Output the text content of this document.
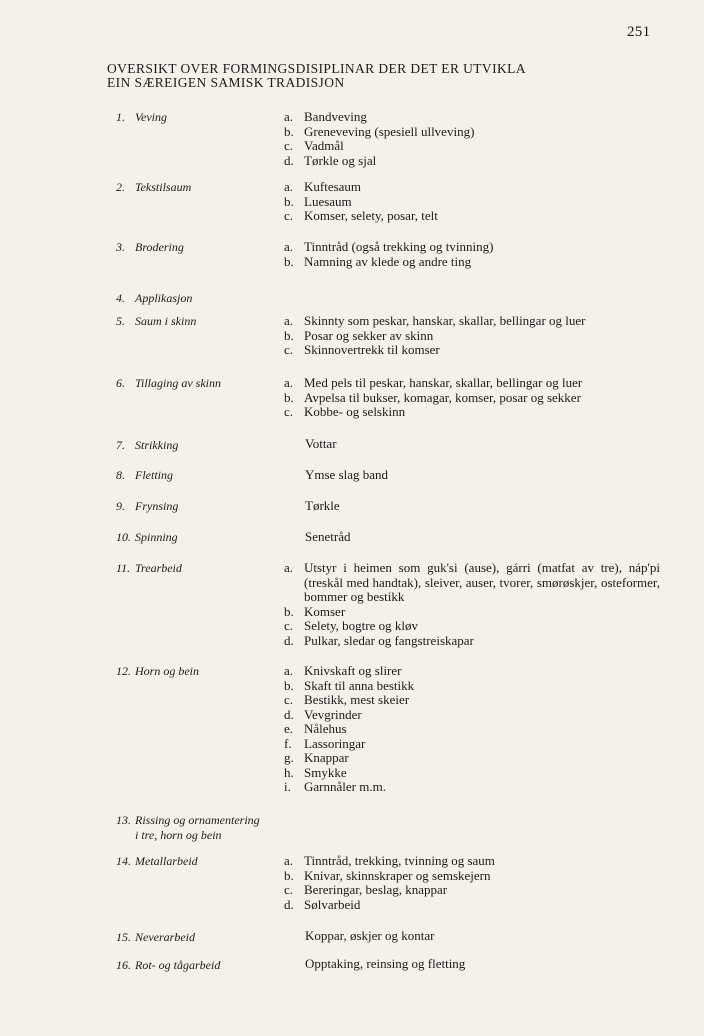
251
OVERSIKT OVER FORMINGSDISIPLINAR DER DET ER UTVIKLA
EIN SÆREIGEN SAMISK TRADISJON
1. Veving	a. Bandveving
b. Greneveving (spesiell ullveving)
c. Vadmål
d. Tørkle og sjal
2. Tekstilsaum	a. Kuftesaum
b. Luesaum
c. Komser, selety, posar, telt
3. Brodering	a. Tinntråd (også trekking og tvinning)
b. Namning av klede og andre ting
4. Applikasjon
5. Saum i skinn	a. Skinnty som peskar, hanskar, skallar, bellingar og luer
b. Posar og sekker av skinn
c. Skinnovertrekk til komser
6. Tillaging av skinn	a. Med pels til peskar, hanskar, skallar, bellingar og luer
b. Avpelsa til bukser, komagar, komser, posar og sekker
c. Kobbe- og selskinn
7. Strikking	Vottar
8. Fletting	Ymse slag band
9. Frynsing	Tørkle
10. Spinning	Senetråd
11. Trearbeid	a. Utstyr i heimen som guk'si (ause), gárri (matfat av tre), náp'pi (treskål med handtak), sleiver, auser, tvorer, smørøskjer, osteformer, bommer og bestikk
b. Komser
c. Selety, bogtre og kløv
d. Pulkar, sledar og fangstreiskapar
12. Horn og bein	a. Knivskaft og slirer
b. Skaft til anna bestikk
c. Bestikk, mest skeier
d. Vevgrinder
e. Nålehus
f. Lassoringar
g. Knappar
h. Smykke
i.	Garnnåler m.m.
13. Rissing og ornamentering
i tre, horn og bein
14. Metallarbeid	a. Tinntråd, trekking, tvinning og saum
b. Knivar, skinnskraper og semskejern
c. Bereringar, beslag, knappar
d. Sølvarbeid
15. Neverarbeid	Koppar, øskjer og kontar
16. Rot- og tågarbeid	Opptaking, reinsing og fletting
